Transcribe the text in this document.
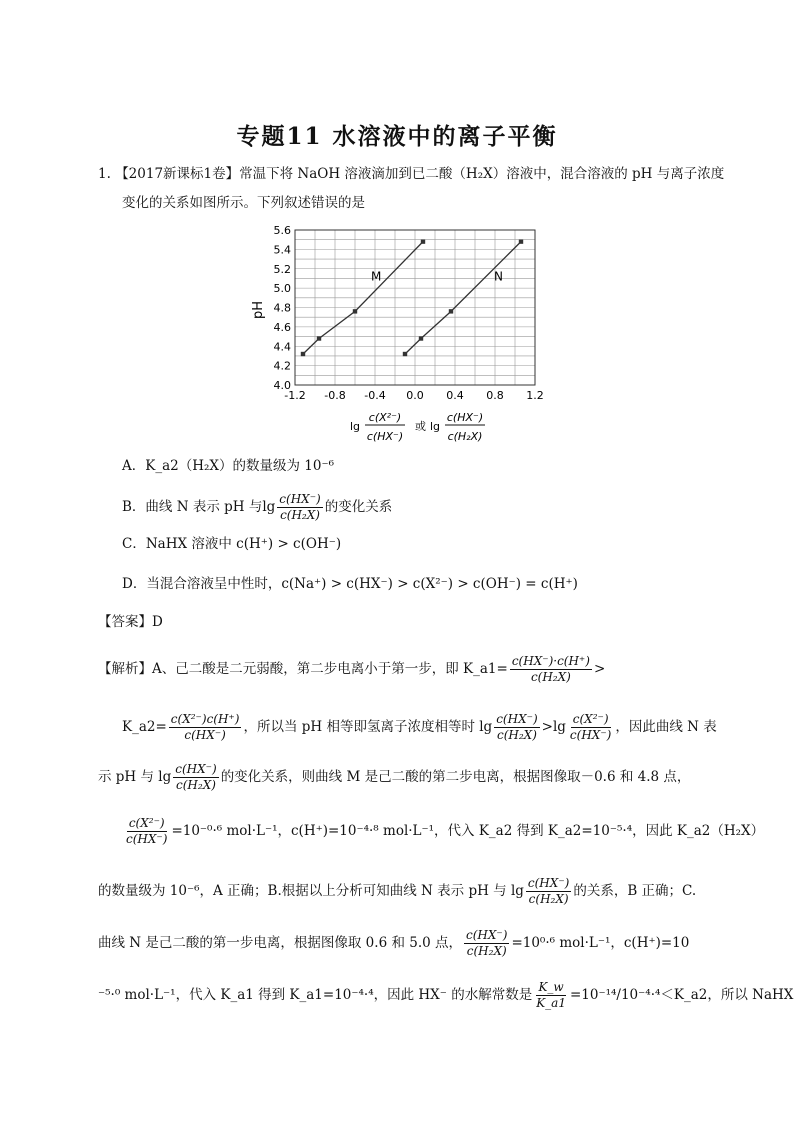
专题11 水溶液中的离子平衡
1. 【2017新课标1卷】常温下将 NaOH 溶液滴加到已二酸（H₂X）溶液中，混合溶液的 pH 与离子浓度
变化的关系如图所示。下列叙述错误的是
4.0
4.2
4.4
4.6
4.8
5.0
5.2
5.4
5.6
-1.2 -0.8 -0.4 0.0 0.4 0.8 1.2
M	N
pH
lg
c(X²⁻)
c(HX⁻)
或 lg
c(HX⁻)
c(H₂X)
A．K_a2（H₂X）的数量级为 10⁻⁶
B．曲线 N 表示 pH 与$\lg \frac{c(HX^-)}{\text{c(H₂X)}}$ 的变化关系
C．NaHX 溶液中 c(H⁺) > c(OH⁻)
D．当混合溶液呈中性时，c(Na⁺) > c(HX⁻) > c(X²⁻) > c(OH⁻) = c(H⁺)
【答案】D
【解析】A、己二酸是二元弱酸，第二步电离小于第一步，即 K_a1= $\frac{c(HX^-)\cdot c(H^+)}{\text{c(H₂X)}}$ >
K_a2= $\frac{\text{c(X²⁻)c(H⁺)}}{c(HX^-)}$ ，所以当 pH 相等即氢离子浓度相等时 $\lg \frac{c(HX^-)}{\text{c(H₂X)}} >\lg \frac{\text{c(X²⁻)}}{c(HX^-)}$ ，因此曲线 N 表
示 pH 与 $\lg \frac{c(HX^-)}{\text{c(H₂X)}}$ 的变化关系，则曲线 M 是己二酸的第二步电离，根据图像取－0.6 和 4.8 点，
$\frac{\text{c(X²⁻)}}{c(HX^-)} =10^{-0}\cdot^6$ mol·L⁻¹，c(H⁺)=10⁻⁴·⁸ mol·L⁻¹，代入 K_a2 得到 K_a2=10⁻⁵·⁴，因此 K_a2（H₂X）
的数量级为 10⁻⁶，A 正确；B.根据以上分析可知曲线 N 表示 pH 与 $\lg \frac{c(HX^-)}{\text{c(H₂X)}}$ 的关系，B 正确；C.
曲线 N 是己二酸的第一步电离，根据图像取 0.6 和 5.0 点， $\frac{c(HX^-)}{\text{c(H₂X)}} =10^0\cdot^6$ mol·L⁻¹，c(H⁺)=10
⁻⁵·⁰ mol·L⁻¹，代入 K_a1 得到 K_a1=10⁻⁴·⁴，因此 HX⁻ 的水解常数是 $\frac{K\_w}{K\_a1}$ =10⁻¹⁴/10⁻⁴·⁴＜K_a2，所以 NaHX
